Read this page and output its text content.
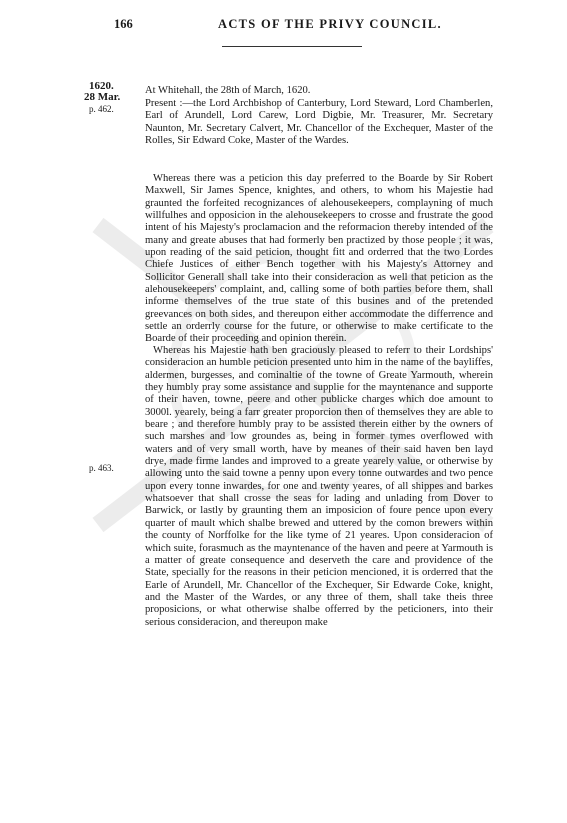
166	ACTS OF THE PRIVY COUNCIL.
1620.
28 Mar.
p. 462.
p. 463.

At Whitehall, the 28th of March, 1620.

Present :—the Lord Archbishop of Canterbury, Lord Steward, Lord Chamberlen, Earl of Arundell, Lord Carew, Lord Digbie, Mr. Treasurer, Mr. Secretary Naunton, Mr. Secretary Calvert, Mr. Chancellor of the Exchequer, Master of the Rolles, Sir Edward Coke, Master of the Wardes.

Whereas there was a peticion this day preferred to the Boarde by Sir Robert Maxwell, Sir James Spence, knightes, and others, to whom his Majestie had graunted the forfeited recognizances of alehousekeepers, complayning of much willfulhes and opposicion in the alehousekeepers to crosse and frustrate the good intent of his Majesty's proclamacion and the reformacion thereby intended of the many and greate abuses that had formerly ben practized by those people ; it was, upon reading of the said peticion, thought fitt and orderred that the two Lordes Chiefe Justices of either Bench together with his Majesty's Attorney and Sollicitor Generall shall take into their consideracion as well that peticion as the alehousekeepers' complaint, and, calling some of both parties before them, shall informe themselves of the true state of this busines and of the pretended greevances on both sides, and thereupon either accommodate the differrence and settle an orderrly course for the future, or otherwise to make certificate to the Boarde of their proceeding and opinion therein.

Whereas his Majestie hath ben graciously pleased to referr to their Lordships' consideracion an humble peticion presented unto him in the name of the bayliffes, aldermen, burgesses, and cominaltie of the towne of Greate Yarmouth, wherein they humbly pray some assistance and supplie for the mayntenance and supporte of their haven, towne, peere and other publicke charges which doe amount to 3000l. yearely, being a farr greater proporcion then of themselves they are able to beare ; and therefore humbly pray to be assisted therein either by the owners of such marshes and low groundes as, being in former tymes overflowed with waters and of very small worth, have by meanes of their said haven ben layd drye, made firme landes and improved to a greate yearely value, or otherwise by allowing unto the said towne a penny upon every tonne outwardes and two pence upon every tonne inwardes, for one and twenty yeares, of all shippes and barkes whatsoever that shall crosse the seas for lading and unlading from Dover to Barwick, or lastly by graunting them an imposicion of foure pence upon every quarter of mault which shalbe brewed and uttered by the comon brewers within the county of Norffolke for the like tyme of 21 yeares. Upon consideracion of which suite, forasmuch as the mayntenance of the haven and peere at Yarmouth is a matter of greate consequence and deserveth the care and providence of the State, specially for the reasons in their peticion mencioned, it is orderred that the Earle of Arundell, Mr. Chancellor of the Exchequer, Sir Edwarde Coke, knight, and the Master of the Wardes, or any three of them, shall take theis three proposicions, or what otherwise shalbe offerred by the peticioners, into their serious consideracion, and thereupon make
